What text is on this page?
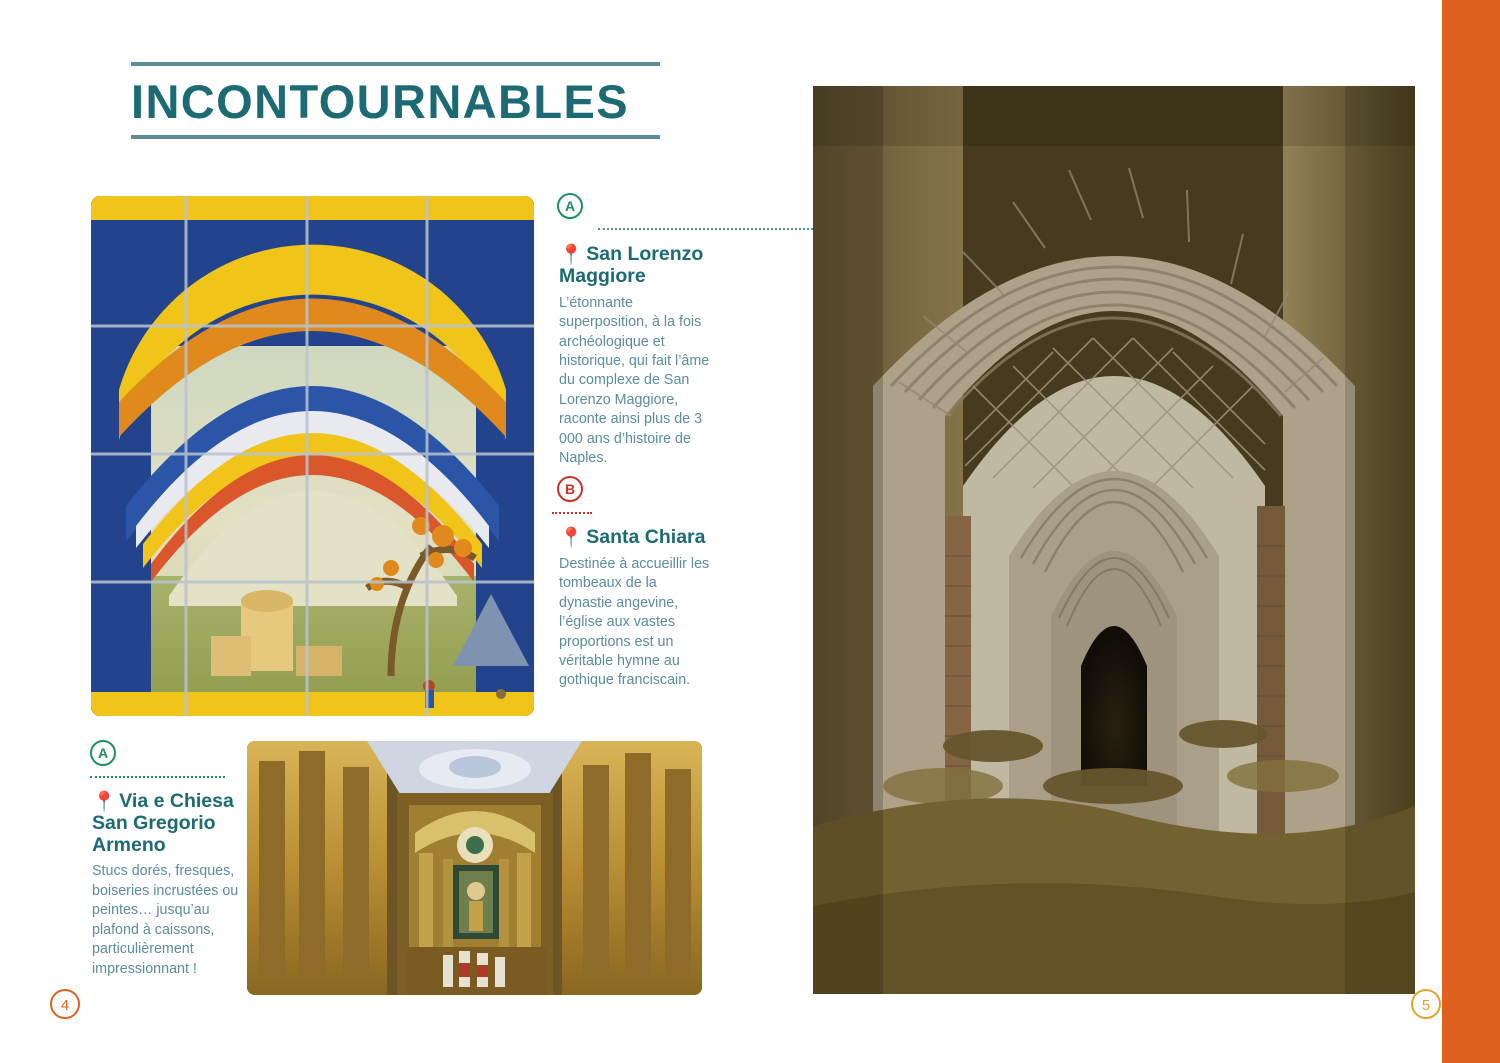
INCONTOURNABLES
A
📍 San Lorenzo Maggiore
L’étonnante superposition, à la fois archéologique et historique, qui fait l’âme du complexe de San Lorenzo Maggiore, raconte ainsi plus de 3 000 ans d’histoire de Naples.
B
📍 Santa Chiara
Destinée à accueillir les tombeaux de la dynastie angevine, l’église aux vastes proportions est un véritable hymne au gothique franciscain.
A
📍 Via e Chiesa San Gregorio Armeno
Stucs dorés, fresques, boiseries incrustées ou peintes… jusqu’au plafond à caissons, particulièrement impressionnant !
4	5
